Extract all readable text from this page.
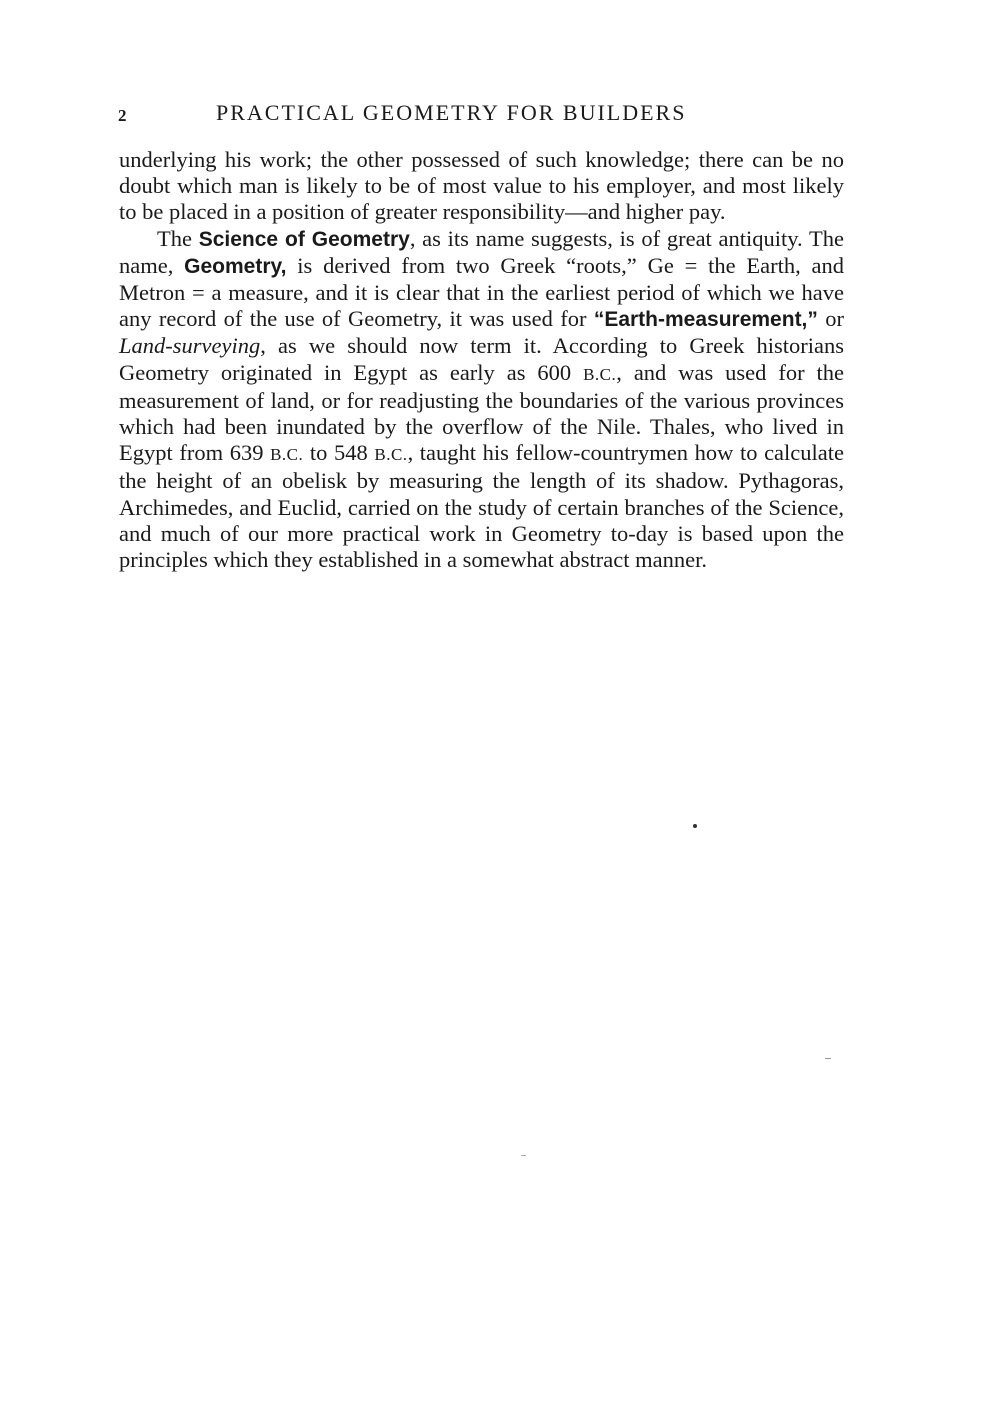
2	PRACTICAL GEOMETRY FOR BUILDERS

underlying his work; the other possessed of such knowledge; there can be no doubt which man is likely to be of most value to his employer, and most likely to be placed in a position of greater responsibility—and higher pay.

The Science of Geometry, as its name suggests, is of great antiquity. The name, Geometry, is derived from two Greek “roots,” Ge = the Earth, and Metron = a measure, and it is clear that in the earliest period of which we have any record of the use of Geometry, it was used for “Earth-measurement,” or Land-surveying, as we should now term it. According to Greek historians Geometry originated in Egypt as early as 600 B.C., and was used for the measurement of land, or for readjusting the boundaries of the various provinces which had been inundated by the overflow of the Nile. Thales, who lived in Egypt from 639 B.C. to 548 B.C., taught his fellow-countrymen how to calculate the height of an obelisk by measuring the length of its shadow. Pythagoras, Archimedes, and Euclid, carried on the study of certain branches of the Science, and much of our more practical work in Geometry to-day is based upon the principles which they established in a somewhat abstract manner.
